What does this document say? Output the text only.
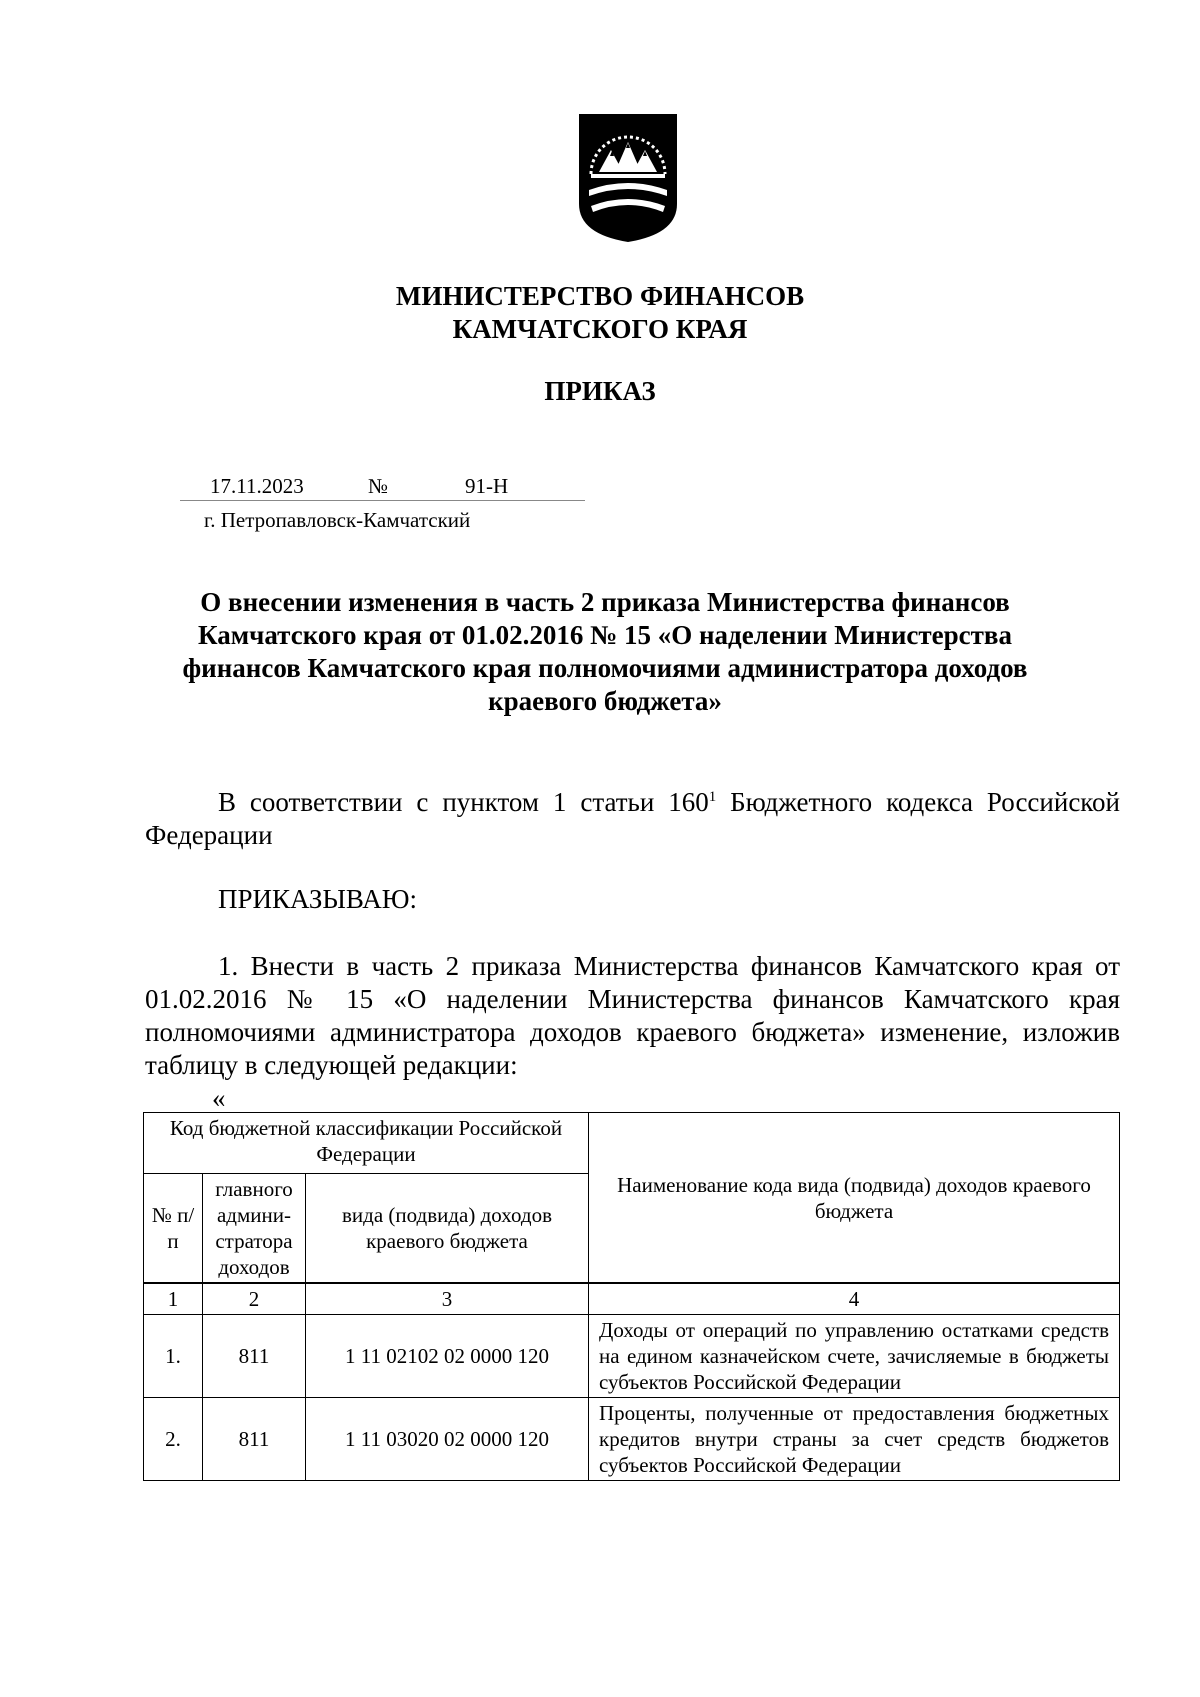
МИНИСТЕРСТВО ФИНАНСОВ
КАМЧАТСКОГО КРАЯ
ПРИКАЗ
17.11.2023	№	91-Н
г. Петропавловск-Камчатский
О внесении изменения в часть 2 приказа Министерства финансов Камчатского края от 01.02.2016 № 15 «О наделении Министерства финансов Камчатского края полномочиями администратора доходов краевого бюджета»
В соответствии с пунктом 1 статьи $160^1$ Бюджетного кодекса Российской Федерации
ПРИКАЗЫВАЮ:
1. Внести в часть 2 приказа Министерства финансов Камчатского края от 01.02.2016 № 15 «О наделении Министерства финансов Камчатского края полномочиями администратора доходов краевого бюджета» изменение, изложив таблицу в следующей редакции:
«
Код бюджетной классификации Российской Федерации			Наименование кода вида (подвида) доходов краевого бюджета
№ п/п	главного админи-стратора доходов	вида (подвида) доходов краевого бюджета	
1	2	3	4
1.	811	1 11 02102 02 0000 120	Доходы от операций по управлению остатками средств на едином казначейском счете, зачисляемые в бюджеты субъектов Российской Федерации
2.	811	1 11 03020 02 0000 120	Проценты, полученные от предоставления бюджетных кредитов внутри страны за счет средств бюджетов субъектов Российской Федерации
